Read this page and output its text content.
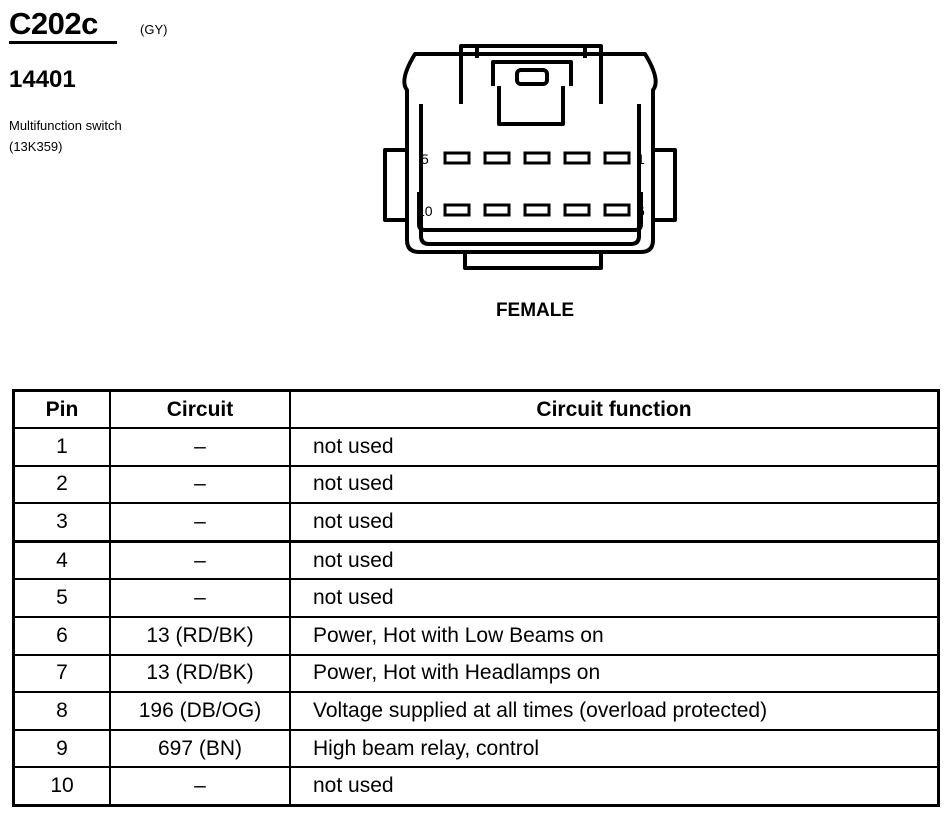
C202c	(GY)
14401
Multifunction switch
(13K359)
5	1
10	6
FEMALE
Pin	Circuit	Circuit function
1	–	not used
2	–	not used
3	–	not used
4	–	not used
5	–	not used
6	13 (RD/BK)	Power, Hot with Low Beams on
7	13 (RD/BK)	Power, Hot with Headlamps on
8	196 (DB/OG)	Voltage supplied at all times (overload protected)
9	697 (BN)	High beam relay, control
10	–	not used
